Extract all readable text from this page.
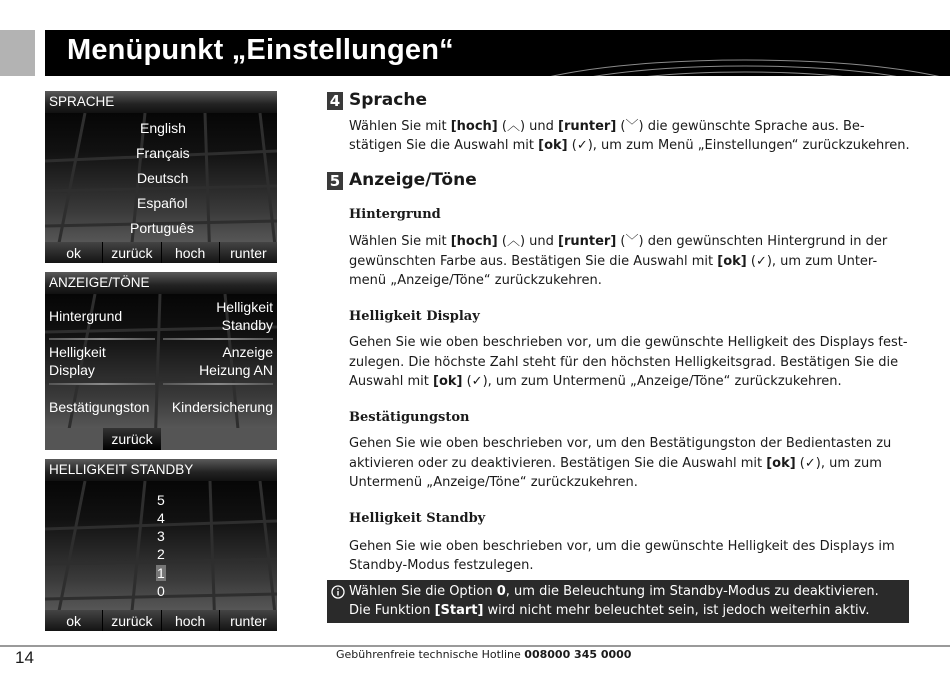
Menüpunkt „Einstellungen“
SPRACHE
English
Français
Deutsch
Español
Português
ok	zurück	hoch	runter
ANZEIGE/TÖNE
Hintergrund
Helligkeit
Standby
Helligkeit
Display
Anzeige
Heizung AN
Bestätigungston Kindersicherung
zurück
HELLIGKEIT STANDBY
5
4
3
2
1
0
ok	zurück	hoch	runter
4 Sprache
Wählen Sie mit [hoch] (︿) und [runter] (﹀) die gewünschte Sprache aus. Be-
stätigen Sie die Auswahl mit [ok] (✓), um zum Menü „Einstellungen“ zurückzukehren.
5 Anzeige/Töne
Hintergrund
Wählen Sie mit [hoch] (︿) und [runter] (﹀) den gewünschten Hintergrund in der
gewünschten Farbe aus. Bestätigen Sie die Auswahl mit [ok] (✓), um zum Unter-
menü „Anzeige/Töne“ zurückzukehren.
Helligkeit Display
Gehen Sie wie oben beschrieben vor, um die gewünschte Helligkeit des Displays fest-
zulegen. Die höchste Zahl steht für den höchsten Helligkeitsgrad. Bestätigen Sie die
Auswahl mit [ok] (✓), um zum Untermenü „Anzeige/Töne“ zurückzukehren.
Bestätigungston
Gehen Sie wie oben beschrieben vor, um den Bestätigungston der Bedientasten zu
aktivieren oder zu deaktivieren. Bestätigen Sie die Auswahl mit [ok] (✓), um zum
Untermenü „Anzeige/Töne“ zurückzukehren.
Helligkeit Standby
Gehen Sie wie oben beschrieben vor, um die gewünschte Helligkeit des Displays im
Standby-Modus festzulegen.
Wählen Sie die Option 0, um die Beleuchtung im Standby-Modus zu deaktivieren.
Die Funktion [Start] wird nicht mehr beleuchtet sein, ist jedoch weiterhin aktiv.
14	Gebührenfreie technische Hotline 008000 345 0000
